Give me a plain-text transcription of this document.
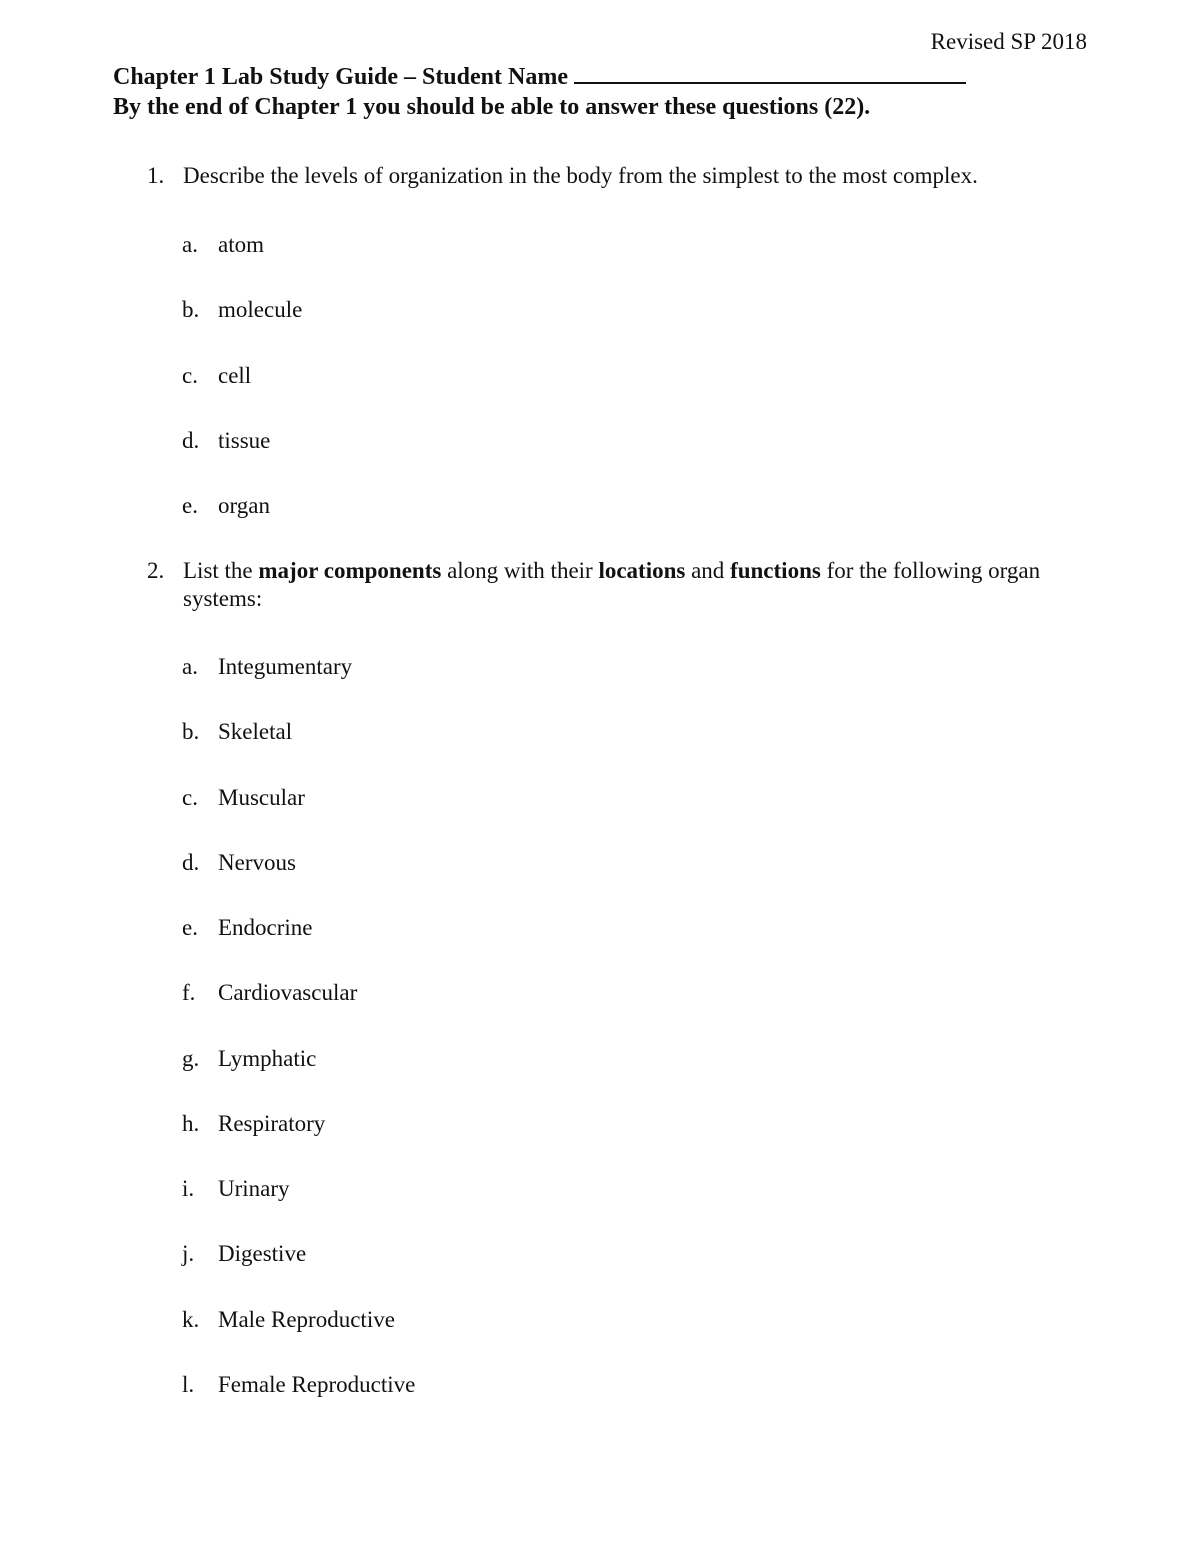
Revised SP 2018
Chapter 1 Lab Study Guide – Student Name
By the end of Chapter 1 you should be able to answer these questions (22).
1. Describe the levels of organization in the body from the simplest to the most complex.
a. atom
b. molecule
c. cell
d. tissue
e. organ
2. List the major components along with their locations and functions for the following organ systems:
a. Integumentary
b. Skeletal
c. Muscular
d. Nervous
e. Endocrine
f. Cardiovascular
g. Lymphatic
h. Respiratory
i. Urinary
j. Digestive
k. Male Reproductive
l. Female Reproductive
